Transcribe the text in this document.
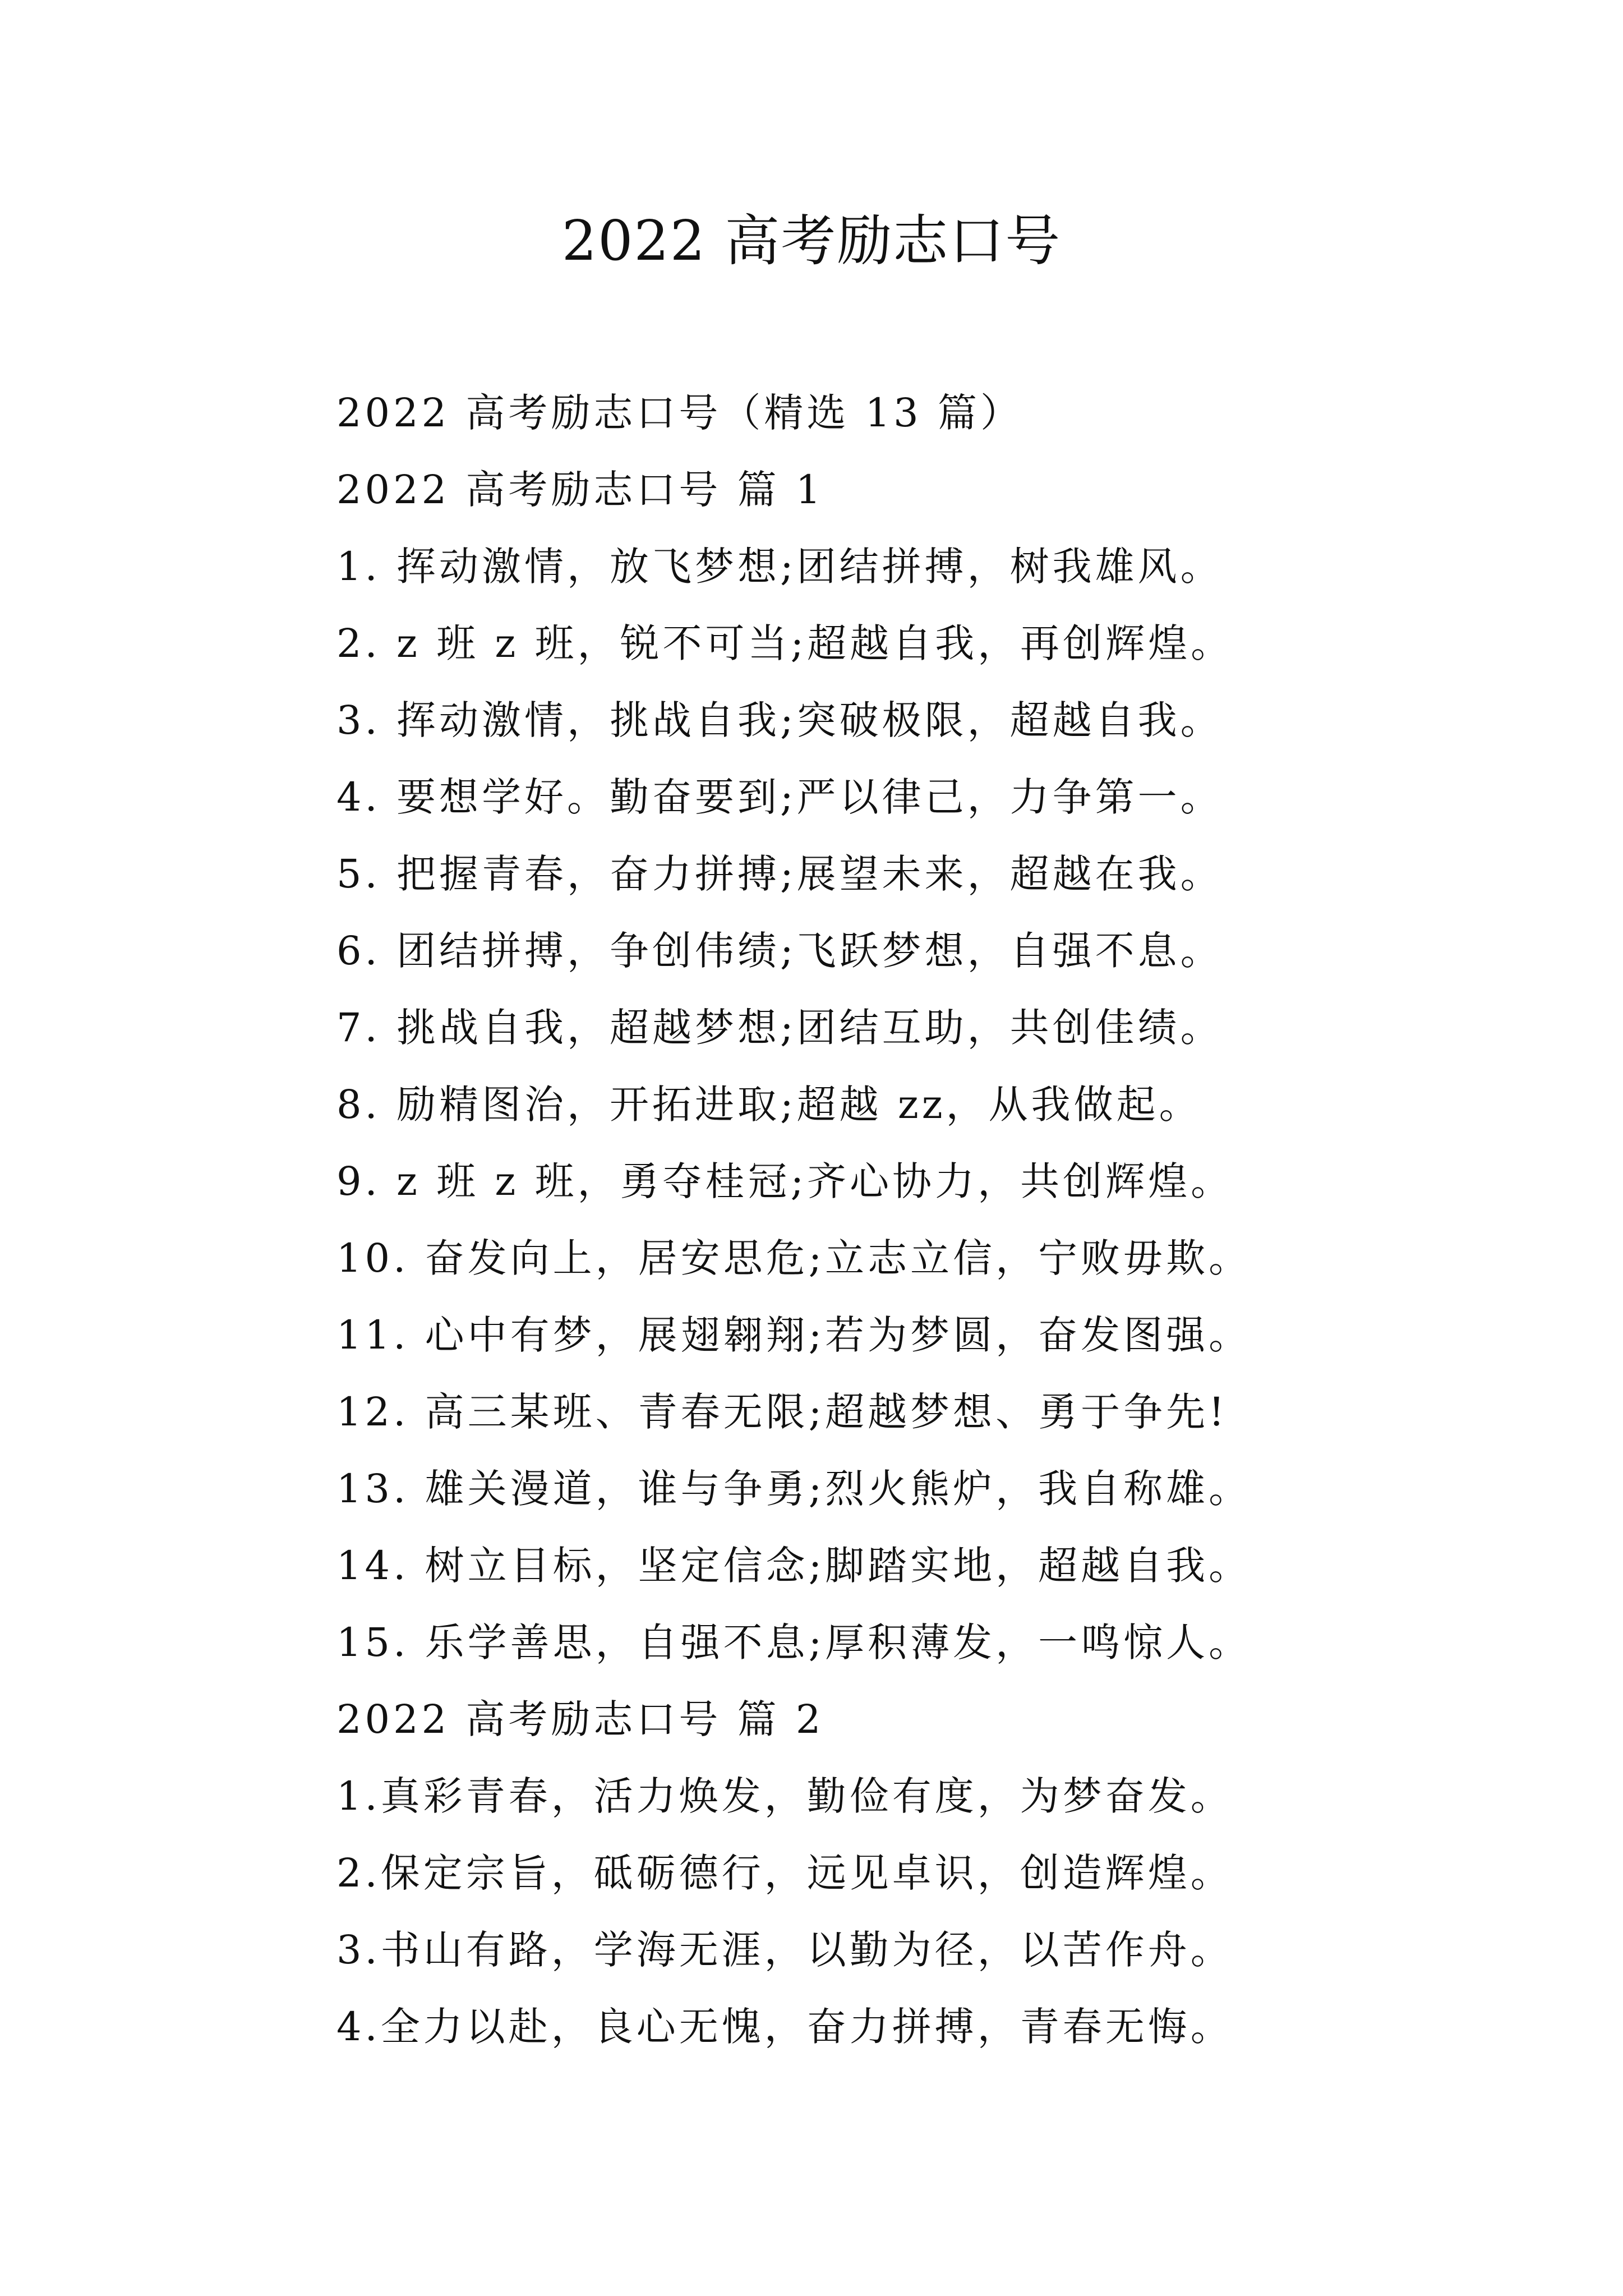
2022 高考励志口号
2022 高考励志口号（精选 13 篇）
2022 高考励志口号 篇 1
1. 挥动激情，放飞梦想;团结拼搏，树我雄风。
2. z 班 z 班，锐不可当;超越自我，再创辉煌。
3. 挥动激情，挑战自我;突破极限，超越自我。
4. 要想学好。勤奋要到;严以律己，力争第一。
5. 把握青春，奋力拼搏;展望未来，超越在我。
6. 团结拼搏，争创伟绩;飞跃梦想，自强不息。
7. 挑战自我，超越梦想;团结互助，共创佳绩。
8. 励精图治，开拓进取;超越 zz，从我做起。
9. z 班 z 班，勇夺桂冠;齐心协力，共创辉煌。
10. 奋发向上，居安思危;立志立信，宁败毋欺。
11. 心中有梦，展翅翱翔;若为梦圆，奋发图强。
12. 高三某班、青春无限;超越梦想、勇于争先!
13. 雄关漫道，谁与争勇;烈火熊炉，我自称雄。
14. 树立目标，坚定信念;脚踏实地，超越自我。
15. 乐学善思，自强不息;厚积薄发，一鸣惊人。
2022 高考励志口号 篇 2
1.真彩青春，活力焕发，勤俭有度，为梦奋发。
2.保定宗旨，砥砺德行，远见卓识，创造辉煌。
3.书山有路，学海无涯，以勤为径，以苦作舟。
4.全力以赴，良心无愧，奋力拼搏，青春无悔。
